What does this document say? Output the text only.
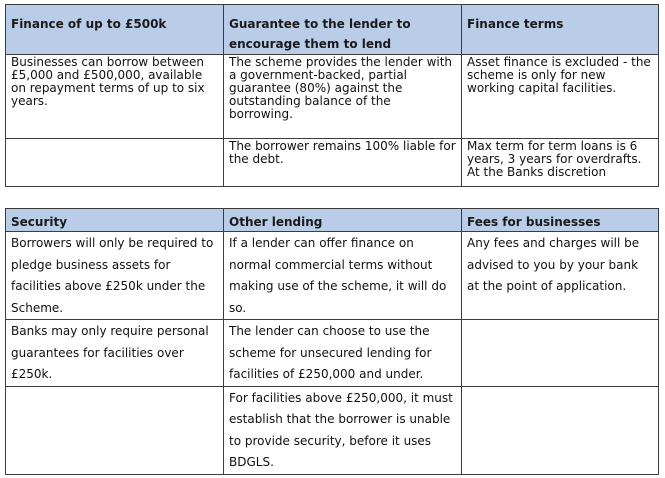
Finance of up to £500k	Guarantee to the lender to encourage them to lend	Finance terms
Businesses can borrow between £5,000 and £500,000, available on repayment terms of up to six years.	The scheme provides the lender with a government-backed, partial guarantee (80%) against the outstanding balance of the borrowing.	Asset finance is excluded - the scheme is only for new working capital facilities.
	The borrower remains 100% liable for the debt.	Max term for term loans is 6 years, 3 years for overdrafts. At the Banks discretion
Security	Other lending	Fees for businesses
Borrowers will only be required to pledge business assets for facilities above £250k under the Scheme.	If a lender can offer finance on normal commercial terms without making use of the scheme, it will do so.	Any fees and charges will be advised to you by your bank at the point of application.
Banks may only require personal guarantees for facilities over £250k.	The lender can choose to use the scheme for unsecured lending for facilities of £250,000 and under.	
	For facilities above £250,000, it must establish that the borrower is unable to provide security, before it uses BDGLS.	
